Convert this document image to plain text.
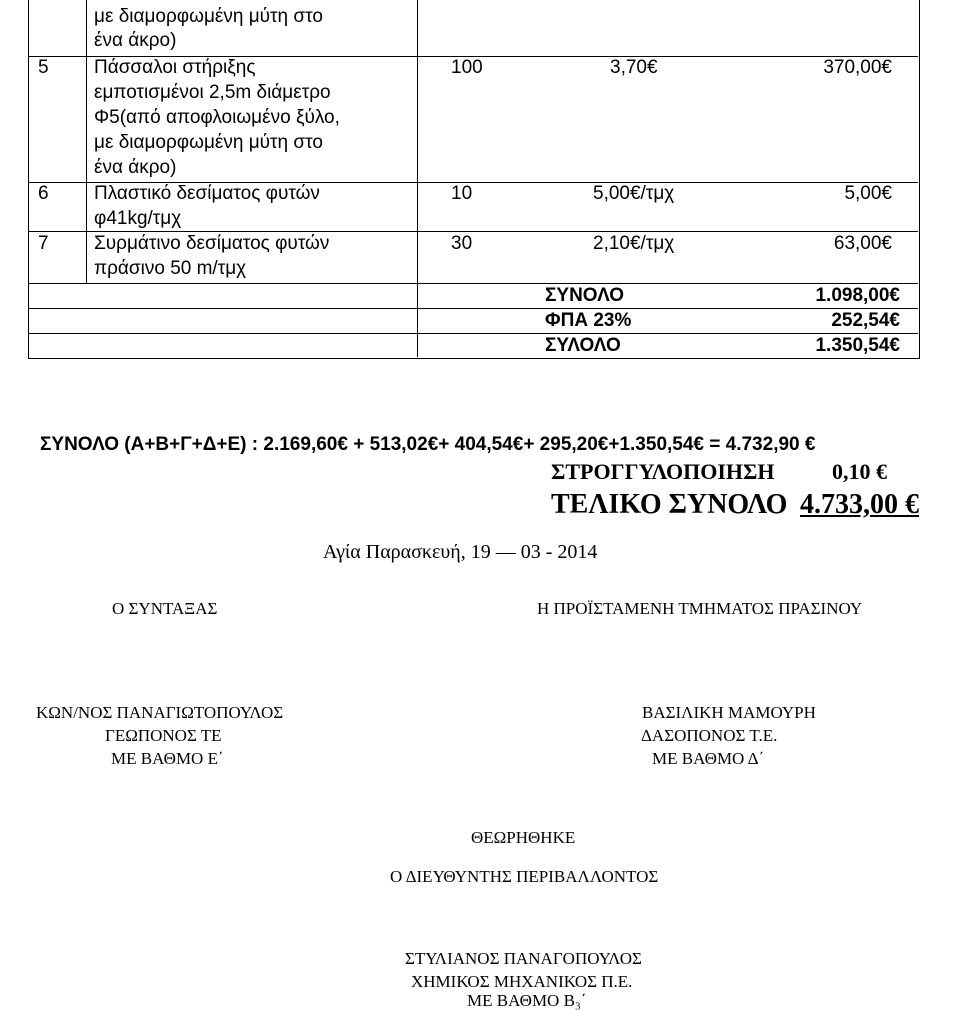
με διαμορφωμένη μύτη στο
ένα άκρο)
5 Πάσσαλοι στήριξης
εμποτισμένοι 2,5m διάμετρο
Φ5(από αποφλοιωμένο ξύλο,
με διαμορφωμένη μύτη στο
ένα άκρο)
100	3,70€	370,00€
6 Πλαστικό δεσίματος φυτών
φ41kg/τμχ
10	5,00€/τμχ	5,00€
7 Συρμάτινο δεσίματος φυτών
πράσινο 50 m/τμχ
30	2,10€/τμχ	63,00€
ΣΥΝΟΛΟ	1.098,00€
ΦΠΑ 23%	252,54€
ΣΥΛΟΛΟ	1.350,54€
ΣΥΝΟΛΟ (Α+Β+Γ+Δ+Ε) : 2.169,60€ + 513,02€+ 404,54€+ 295,20€+1.350,54€ = 4.732,90 €
ΣΤΡΟΓΓΥΛΟΠΟΙΗΣΗ	0,10 €
ΤΕΛΙΚΟ ΣΥΝΟΛΟ 4.733,00 €
Αγία Παρασκευή, 19 — 03 - 2014
Ο ΣΥΝΤΑΞΑΣ	Η ΠΡΟΪΣΤΑΜΕΝΗ ΤΜΗΜΑΤΟΣ ΠΡΑΣΙΝΟΥ
ΚΩΝ/ΝΟΣ ΠΑΝΑΓΙΩΤΟΠΟΥΛΟΣ
ΓΕΩΠΟΝΟΣ ΤΕ
ΜΕ ΒΑΘΜΟ Ε΄
ΒΑΣΙΛΙΚΗ ΜΑΜΟΥΡΗ
ΔΑΣΟΠΟΝΟΣ Τ.Ε.
ΜΕ ΒΑΘΜΟ Δ΄
ΘΕΩΡΗΘΗΚΕ
Ο ΔΙΕΥΘΥΝΤΗΣ ΠΕΡΙΒΑΛΛΟΝΤΟΣ
ΣΤΥΛΙΑΝΟΣ ΠΑΝΑΓΟΠΟΥΛΟΣ
ΧΗΜΙΚΟΣ ΜΗΧΑΝΙΚΟΣ Π.Ε.
ΜΕ ΒΑΘΜΟ Β₃΄
